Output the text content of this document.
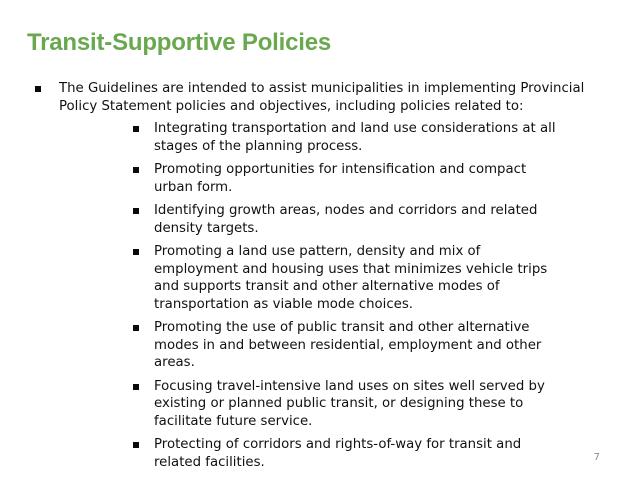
Transit-Supportive Policies
The Guidelines are intended to assist municipalities in implementing Provincial Policy Statement policies and objectives, including policies related to:
Integrating transportation and land use considerations at all stages of the planning process.
Promoting opportunities for intensification and compact urban form.
Identifying growth areas, nodes and corridors and related density targets.
Promoting a land use pattern, density and mix of employment and housing uses that minimizes vehicle trips and supports transit and other alternative modes of transportation as viable mode choices.
Promoting the use of public transit and other alternative modes in and between residential, employment and other areas.
Focusing travel-intensive land uses on sites well served by existing or planned public transit, or designing these to facilitate future service.
Protecting of corridors and rights-of-way for transit and related facilities.	7
